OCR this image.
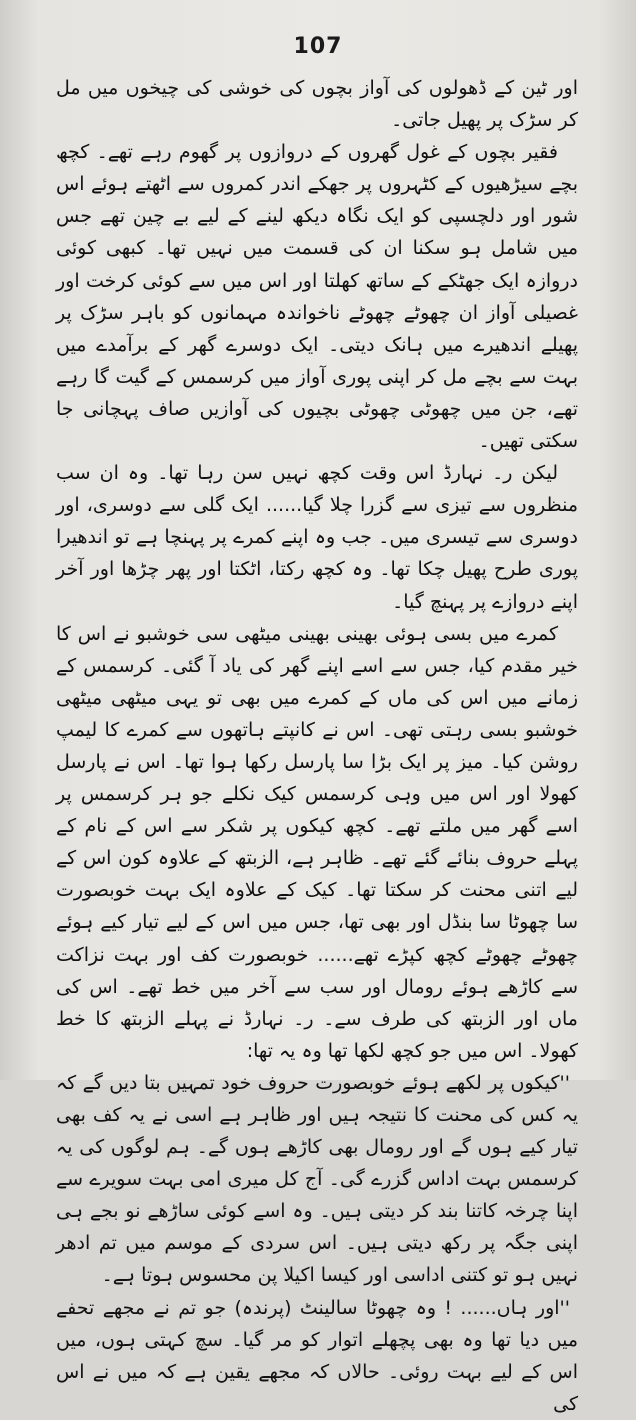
107

اور ٹین کے ڈھولوں کی آواز بچوں کی خوشی کی چیخوں میں مل کر سڑک پر پھیل جاتی۔

فقیر بچوں کے غول گھروں کے دروازوں پر گھوم رہے تھے۔ کچھ بچے سیڑھیوں کے کٹہروں پر جھکے اندر کمروں سے اٹھتے ہوئے اس شور اور دلچسپی کو ایک نگاہ دیکھ لینے کے لیے بے چین تھے جس میں شامل ہو سکنا ان کی قسمت میں نہیں تھا۔ کبھی کوئی دروازہ ایک جھٹکے کے ساتھ کھلتا اور اس میں سے کوئی کرخت اور غصیلی آواز ان چھوٹے چھوٹے ناخواندہ مہمانوں کو باہر سڑک پر پھیلے اندھیرے میں ہانک دیتی۔ ایک دوسرے گھر کے برآمدے میں بہت سے بچے مل کر اپنی پوری آواز میں کرسمس کے گیت گا رہے تھے، جن میں چھوٹی چھوٹی بچیوں کی آوازیں صاف پہچانی جا سکتی تھیں۔

لیکن ر۔ نہارڈ اس وقت کچھ نہیں سن رہا تھا۔ وہ ان سب منظروں سے تیزی سے گزرا چلا گیا...... ایک گلی سے دوسری، اور دوسری سے تیسری میں۔ جب وہ اپنے کمرے پر پہنچا ہے تو اندھیرا پوری طرح پھیل چکا تھا۔ وہ کچھ رکتا، اٹکتا اور پھر چڑھا اور آخر اپنے دروازے پر پہنچ گیا۔

کمرے میں بسی ہوئی بھینی بھینی میٹھی سی خوشبو نے اس کا خیر مقدم کیا، جس سے اسے اپنے گھر کی یاد آ گئی۔ کرسمس کے زمانے میں اس کی ماں کے کمرے میں بھی تو یہی میٹھی میٹھی خوشبو بسی رہتی تھی۔ اس نے کانپتے ہاتھوں سے کمرے کا لیمپ روشن کیا۔ میز پر ایک بڑا سا پارسل رکھا ہوا تھا۔ اس نے پارسل کھولا اور اس میں وہی کرسمس کیک نکلے جو ہر کرسمس پر اسے گھر میں ملتے تھے۔ کچھ کیکوں پر شکر سے اس کے نام کے پہلے حروف بنائے گئے تھے۔ ظاہر ہے، الزبتھ کے علاوہ کون اس کے لیے اتنی محنت کر سکتا تھا۔ کیک کے علاوہ ایک بہت خوبصورت سا چھوٹا سا بنڈل اور بھی تھا، جس میں اس کے لیے تیار کیے ہوئے چھوٹے چھوٹے کچھ کپڑے تھے...... خوبصورت کف اور بہت نزاکت سے کاڑھے ہوئے رومال اور سب سے آخر میں خط تھے۔ اس کی ماں اور الزبتھ کی طرف سے۔ ر۔ نہارڈ نے پہلے الزبتھ کا خط کھولا۔ اس میں جو کچھ لکھا تھا وہ یہ تھا:

''کیکوں پر لکھے ہوئے خوبصورت حروف خود تمہیں بتا دیں گے کہ یہ کس کی محنت کا نتیجہ ہیں اور ظاہر ہے اسی نے یہ کف بھی تیار کیے ہوں گے اور رومال بھی کاڑھے ہوں گے۔ ہم لوگوں کی یہ کرسمس بہت اداس گزرے گی۔ آج کل میری امی بہت سویرے سے اپنا چرخہ کاتنا بند کر دیتی ہیں۔ وہ اسے کوئی ساڑھے نو بجے ہی اپنی جگہ پر رکھ دیتی ہیں۔ اس سردی کے موسم میں تم ادھر نہیں ہو تو کتنی اداسی اور کیسا اکیلا پن محسوس ہوتا ہے۔

''اور ہاں...... ! وہ چھوٹا سالینٹ (پرندہ) جو تم نے مجھے تحفے میں دیا تھا وہ بھی پچھلے اتوار کو مر گیا۔ سچ کہتی ہوں، میں اس کے لیے بہت روئی۔ حالاں کہ مجھے یقین ہے کہ میں نے اس کی
